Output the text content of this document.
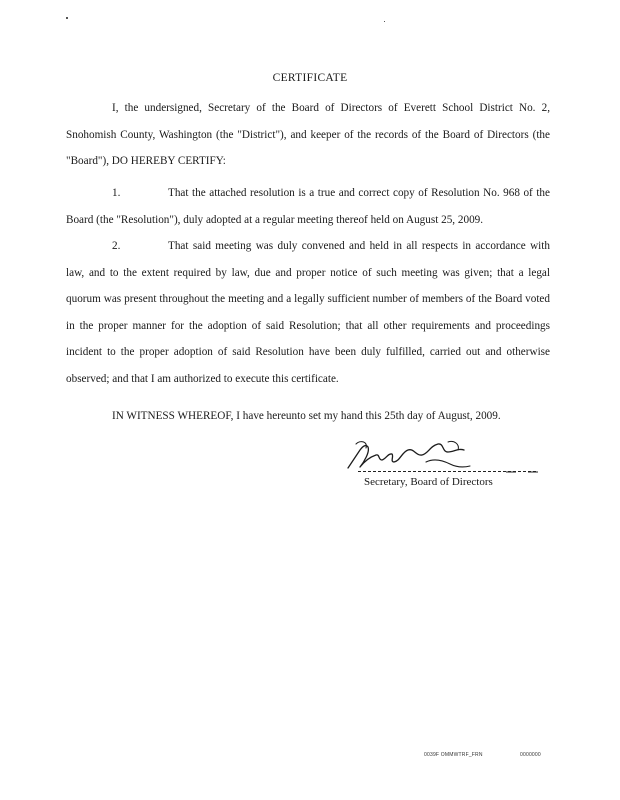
CERTIFICATE

I, the undersigned, Secretary of the Board of Directors of Everett School District No. 2, Snohomish County, Washington (the "District"), and keeper of the records of the Board of Directors (the "Board"), DO HEREBY CERTIFY:

1.	That the attached resolution is a true and correct copy of Resolution No. 968 of the Board (the "Resolution"), duly adopted at a regular meeting thereof held on August 25, 2009.

2.	That said meeting was duly convened and held in all respects in accordance with law, and to the extent required by law, due and proper notice of such meeting was given; that a legal quorum was present throughout the meeting and a legally sufficient number of members of the Board voted in the proper manner for the adoption of said Resolution; that all other requirements and proceedings incident to the proper adoption of said Resolution have been duly fulfilled, carried out and otherwise observed; and that I am authorized to execute this certificate.

IN WITNESS WHEREOF, I have hereunto set my hand this 25th day of August, 2009.

Secretary, Board of Directors
0039F OMMWTRF_FRN	0000000
